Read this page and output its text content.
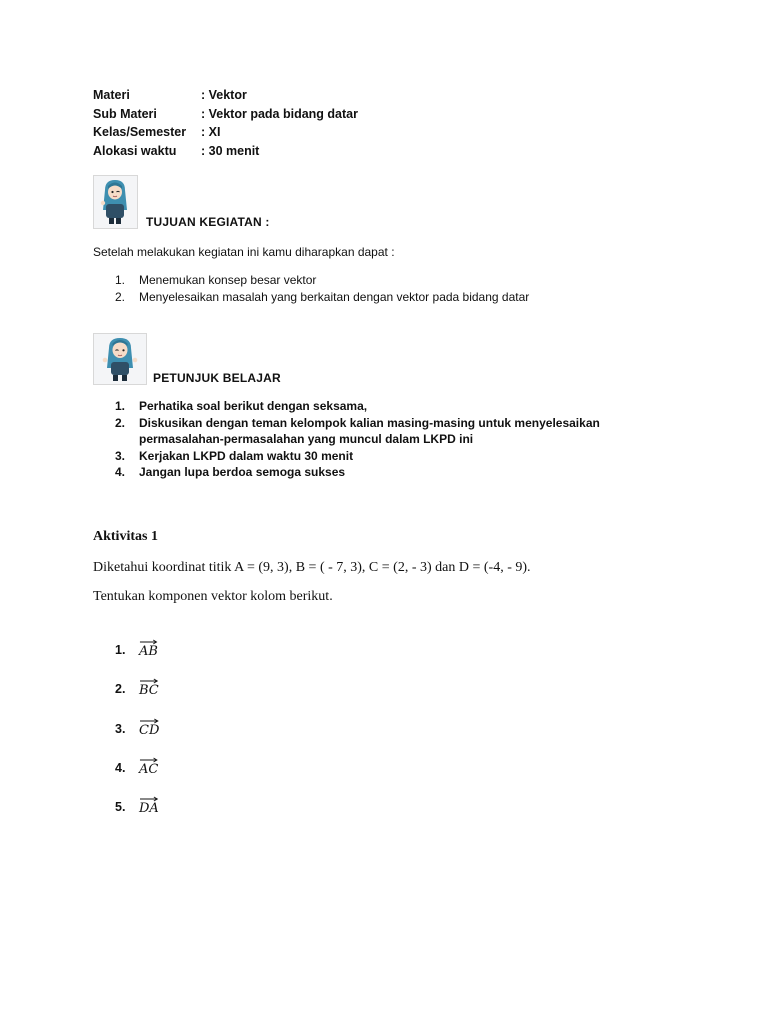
Materi	: Vektor
Sub Materi	: Vektor pada bidang datar
Kelas/Semester	: XI
Alokasi waktu	: 30 menit
TUJUAN KEGIATAN :
Setelah melakukan kegiatan ini kamu diharapkan dapat :
1.	Menemukan konsep besar vektor
2.	Menyelesaikan masalah yang berkaitan dengan vektor pada bidang datar
PETUNJUK BELAJAR
1.	Perhatika soal berikut dengan seksama,
2.	Diskusikan dengan teman kelompok kalian masing-masing untuk menyelesaikan permasalahan-permasalahan yang muncul dalam LKPD ini
3.	Kerjakan LKPD dalam waktu 30 menit
4.	Jangan lupa berdoa semoga sukses
Aktivitas 1
Diketahui koordinat titik A = (9, 3), B = ( - 7, 3), C = (2, - 3) dan D = (-4, - 9).
Tentukan komponen vektor kolom berikut.
1.	AB
2.	BC
3.	CD
4.	AC
5.	DA
